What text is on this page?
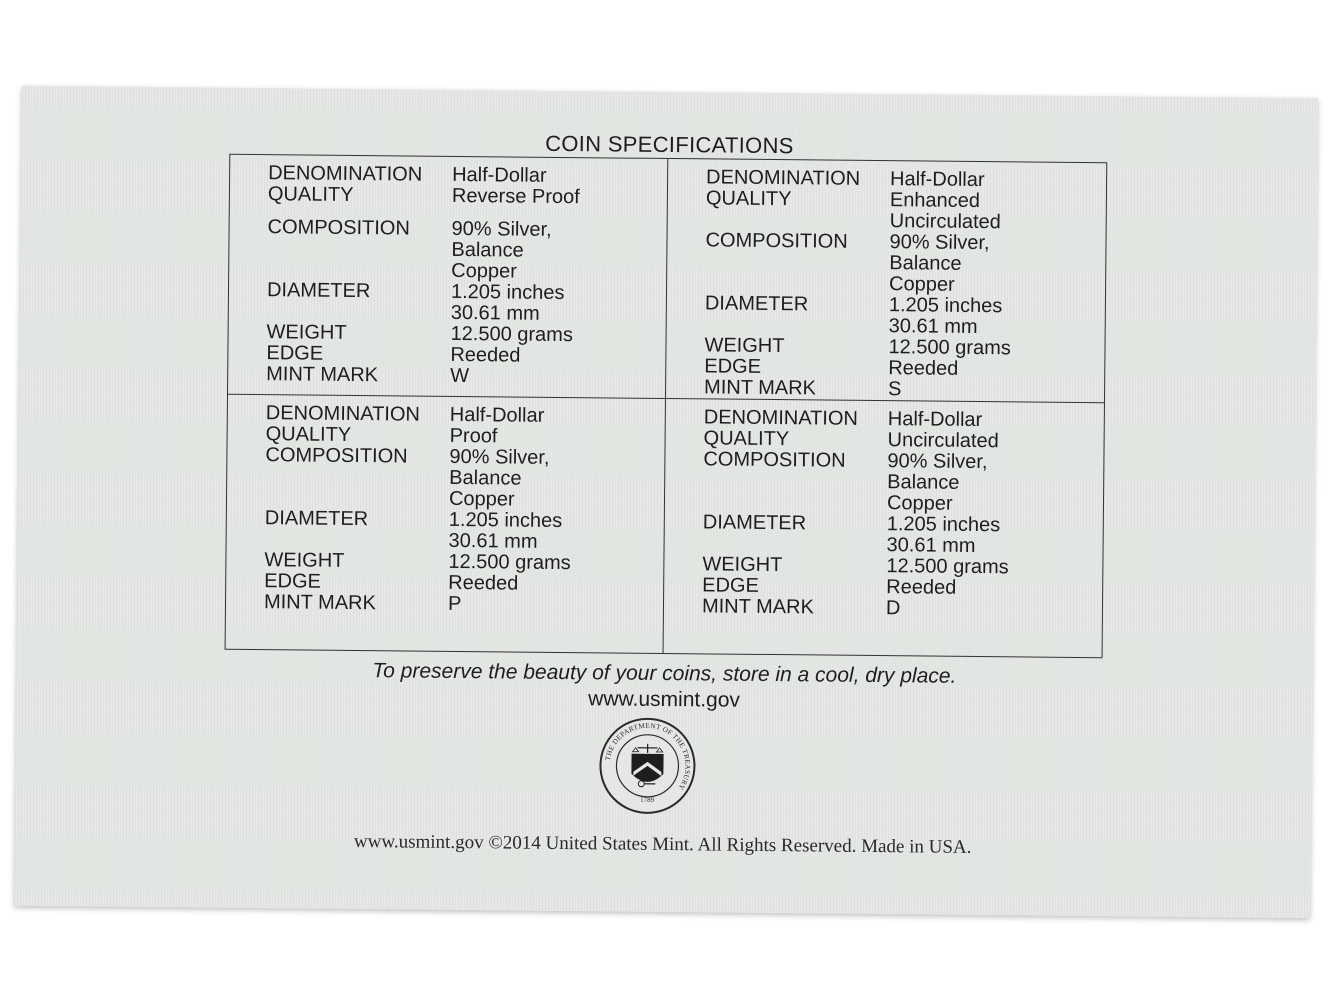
COIN SPECIFICATIONS
DENOMINATION	Half-Dollar
QUALITY	Reverse Proof
COMPOSITION	90% Silver,
Balance
Copper
DIAMETER	1.205 inches
30.61 mm
WEIGHT	12.500 grams
EDGE	Reeded
MINT MARK	W
DENOMINATION	Half-Dollar
QUALITY	Enhanced
Uncirculated
COMPOSITION	90% Silver,
Balance
Copper
DIAMETER	1.205 inches
30.61 mm
WEIGHT	12.500 grams
EDGE	Reeded
MINT MARK	S
DENOMINATION	Half-Dollar
QUALITY	Proof
COMPOSITION	90% Silver,
Balance
Copper
DIAMETER	1.205 inches
30.61 mm
WEIGHT	12.500 grams
EDGE	Reeded
MINT MARK	P
DENOMINATION	Half-Dollar
QUALITY	Uncirculated
COMPOSITION	90% Silver,
Balance
Copper
DIAMETER	1.205 inches
30.61 mm
WEIGHT	12.500 grams
EDGE	Reeded
MINT MARK	D
To preserve the beauty of your coins, store in a cool, dry place.
www.usmint.gov
THE DEPARTMENT OF THE TREASURY
1789
www.usmint.gov ©2014 United States Mint. All Rights Reserved. Made in USA.
